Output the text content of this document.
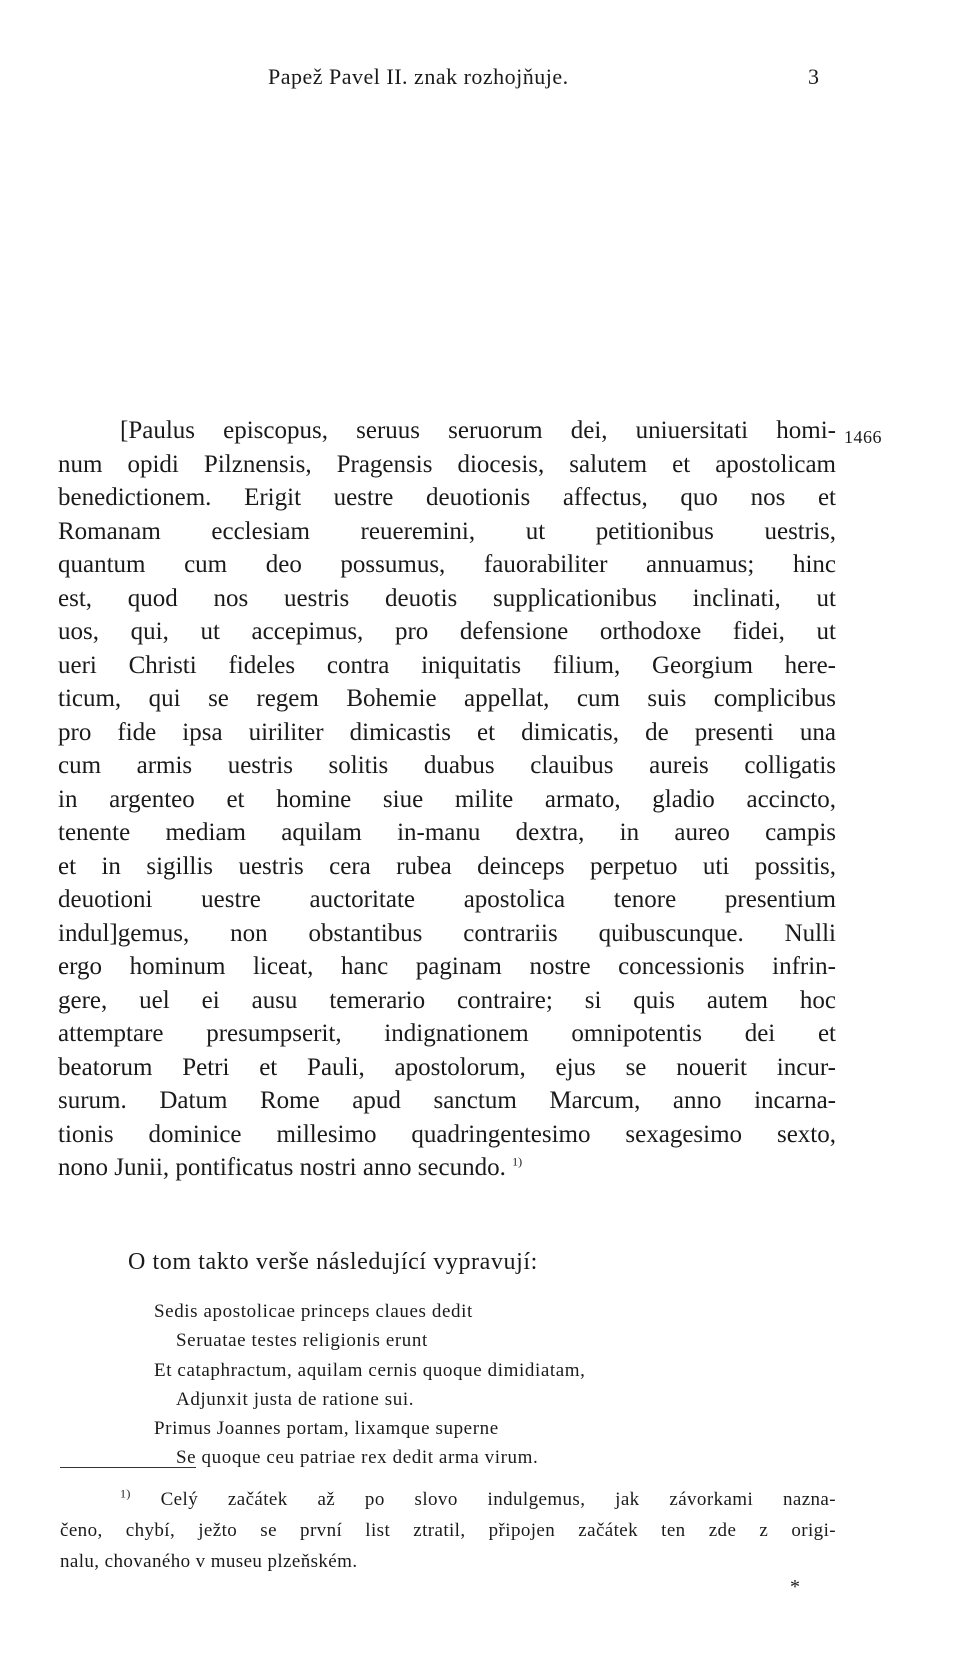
Papež Pavel II. znak rozhojňuje.	3
1466
[Paulus episcopus, seruus seruorum dei, uniuersitati homi-
num opidi Pilznensis, Pragensis diocesis, salutem et apostolicam
benedictionem. Erigit uestre deuotionis affectus, quo nos et
Romanam ecclesiam reueremini, ut petitionibus uestris,
quantum cum deo possumus, fauorabiliter annuamus; hinc
est, quod nos uestris deuotis supplicationibus inclinati, ut
uos, qui, ut accepimus, pro defensione orthodoxe fidei, ut
ueri Christi fideles contra iniquitatis filium, Georgium here-
ticum, qui se regem Bohemie appellat, cum suis complicibus
pro fide ipsa uiriliter dimicastis et dimicatis, de presenti una
cum armis uestris solitis duabus clauibus aureis colligatis
in argenteo et homine siue milite armato, gladio accincto,
tenente mediam aquilam in-manu dextra, in aureo campis
et in sigillis uestris cera rubea deinceps perpetuo uti possitis,
deuotioni uestre auctoritate apostolica tenore presentium
indul]gemus, non obstantibus contrariis quibuscunque. Nulli
ergo hominum liceat, hanc paginam nostre concessionis infrin-
gere, uel ei ausu temerario contraire; si quis autem hoc
attemptare presumpserit, indignationem omnipotentis dei et
beatorum Petri et Pauli, apostolorum, ejus se nouerit incur-
surum. Datum Rome apud sanctum Marcum, anno incarna-
tionis dominice millesimo quadringentesimo sexagesimo sexto,
nono Junii, pontificatus nostri anno secundo. $^{1)}$
O tom takto verše následující vypravují:
Sedis apostolicae princeps claues dedit
Seruatae testes religionis erunt
Et cataphractum, aquilam cernis quoque dimidiatam,
Adjunxit justa de ratione sui.
Primus Joannes portam, lixamque superne
Se quoque ceu patriae rex dedit arma virum.
$^{1)}$ Celý začátek až po slovo indulgemus, jak závorkami nazna-
čeno, chybí, ježto se první list ztratil, připojen začátek ten zde z origi-
nalu, chovaného v museu plzeňském.
*
